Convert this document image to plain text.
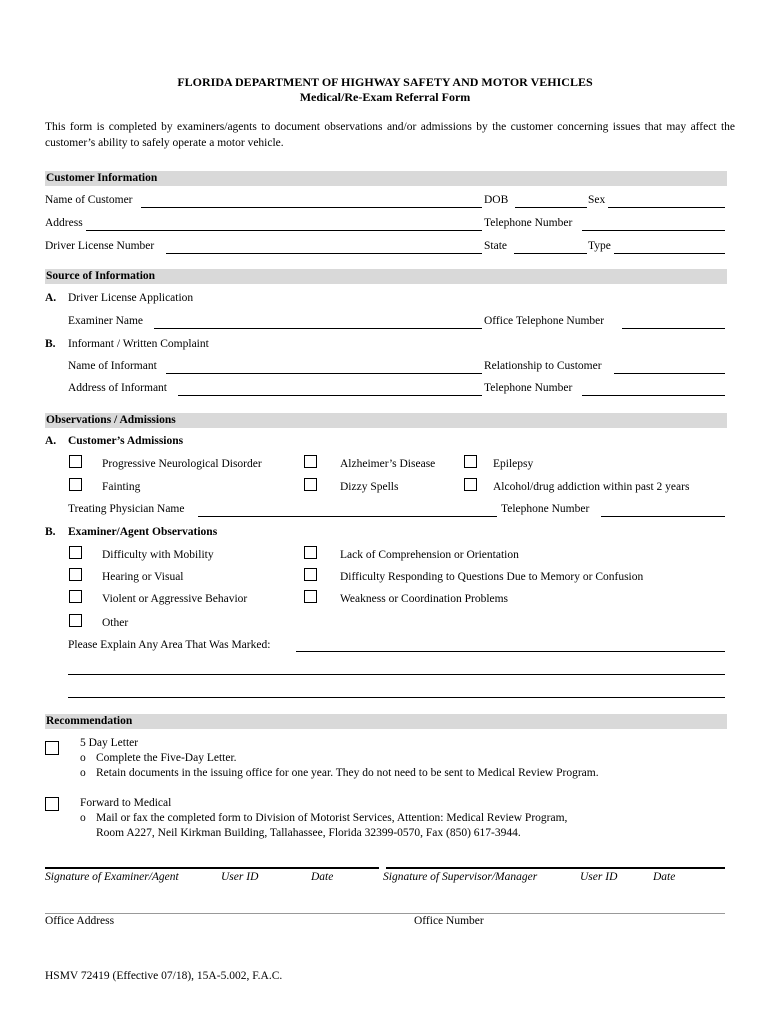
FLORIDA DEPARTMENT OF HIGHWAY SAFETY AND MOTOR VEHICLES
Medical/Re-Exam Referral Form
This form is completed by examiners/agents to document observations and/or admissions by the customer concerning issues that may affect the customer’s ability to safely operate a motor vehicle.
Customer Information
Name of Customer	DOB	Sex
Address	Telephone Number
Driver License Number	State	Type
Source of Information
A. Driver License Application
Examiner Name	Office Telephone Number
B. Informant / Written Complaint
Name of Informant	Relationship to Customer
Address of Informant	Telephone Number
Observations / Admissions
A. Customer’s Admissions
Progressive Neurological Disorder	Alzheimer’s Disease	Epilepsy
Fainting	Dizzy Spells	Alcohol/drug addiction within past 2 years
Treating Physician Name	Telephone Number
B. Examiner/Agent Observations
Difficulty with Mobility	Lack of Comprehension or Orientation
Hearing or Visual	Difficulty Responding to Questions Due to Memory or Confusion
Violent or Aggressive Behavior	Weakness or Coordination Problems
Other
Please Explain Any Area That Was Marked:
Recommendation
5 Day Letter
o Complete the Five-Day Letter.
o Retain documents in the issuing office for one year. They do not need to be sent to Medical Review Program.
Forward to Medical
o Mail or fax the completed form to Division of Motorist Services, Attention: Medical Review Program,
Room A227, Neil Kirkman Building, Tallahassee, Florida 32399-0570, Fax (850) 617-3944.
Signature of Examiner/Agent	User ID	Date	Signature of Supervisor/Manager	User ID	Date
Office Address	Office Number
HSMV 72419 (Effective 07/18), 15A-5.002, F.A.C.
